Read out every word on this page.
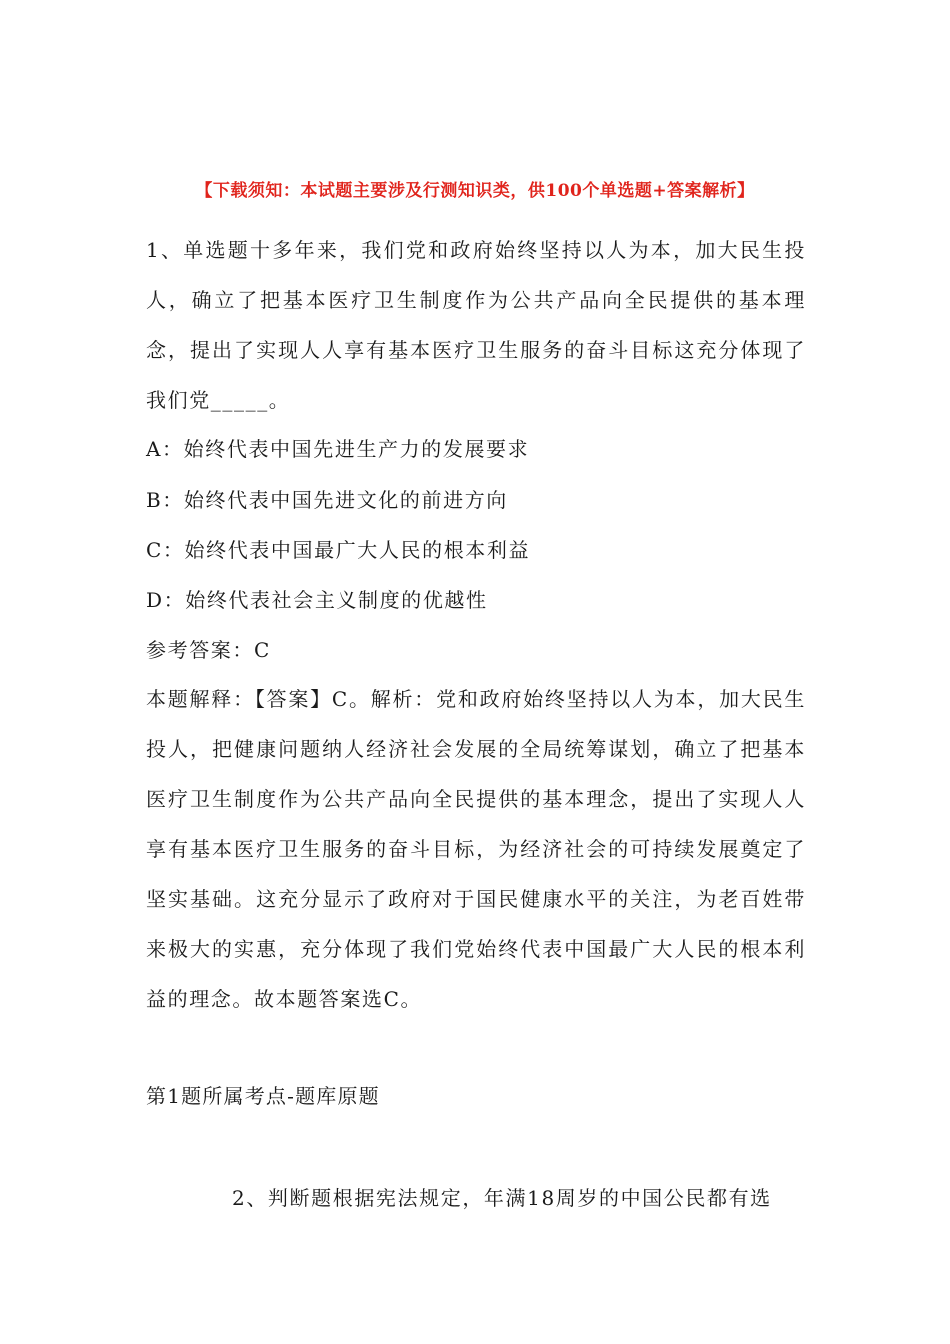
【下载须知：本试题主要涉及行测知识类，供100个单选题+答案解析】
1、单选题十多年来，我们党和政府始终坚持以人为本，加大民生投人，确立了把基本医疗卫生制度作为公共产品向全民提供的基本理念，提出了实现人人享有基本医疗卫生服务的奋斗目标这充分体现了我们党_____。
A：始终代表中国先进生产力的发展要求
B：始终代表中国先进文化的前进方向
C：始终代表中国最广大人民的根本利益
D：始终代表社会主义制度的优越性
参考答案：C
本题解释：【答案】C。解析：党和政府始终坚持以人为本，加大民生投人，把健康问题纳人经济社会发展的全局统筹谋划，确立了把基本医疗卫生制度作为公共产品向全民提供的基本理念，提出了实现人人享有基本医疗卫生服务的奋斗目标，为经济社会的可持续发展奠定了坚实基础。这充分显示了政府对于国民健康水平的关注，为老百姓带来极大的实惠，充分体现了我们党始终代表中国最广大人民的根本利益的理念。故本题答案选C。
第1题所属考点-题库原题
2、判断题根据宪法规定，年满18周岁的中国公民都有选
